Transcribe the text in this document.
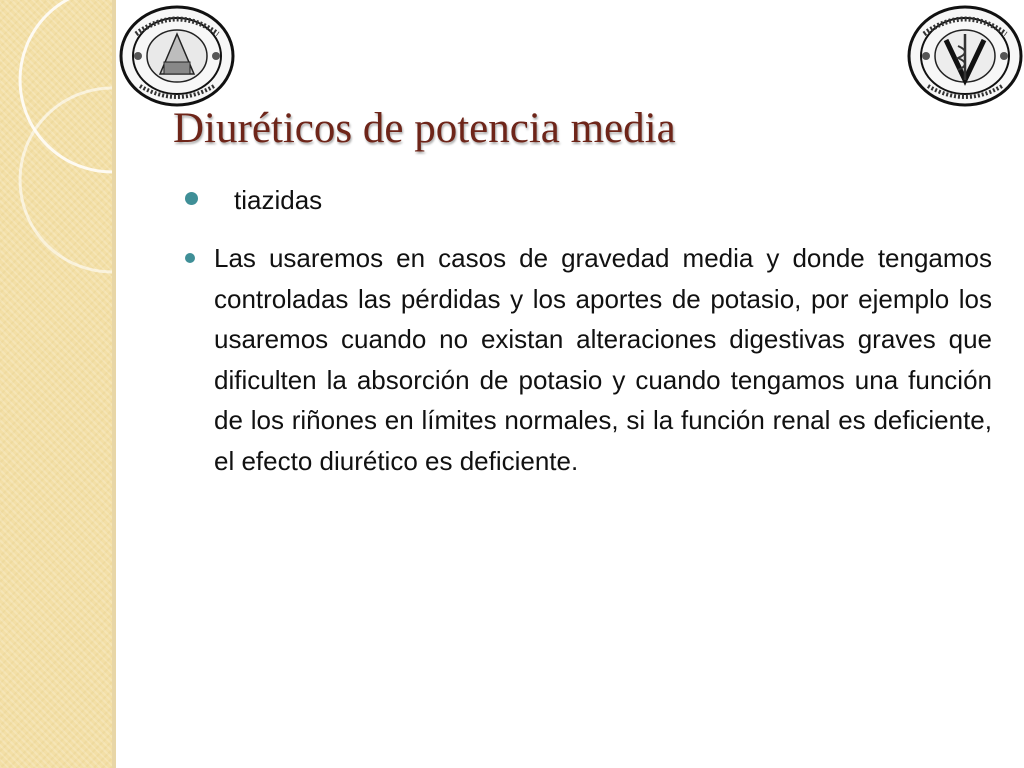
Diuréticos de potencia media
tiazidas
Las usaremos en casos de gravedad media y donde tengamos controladas las pérdidas y los aportes de potasio, por ejemplo los usaremos cuando no existan alteraciones digestivas graves que dificulten la absorción de potasio y cuando tengamos una función de los riñones en límites normales, si la función renal es deficiente, el efecto diurético es deficiente.
